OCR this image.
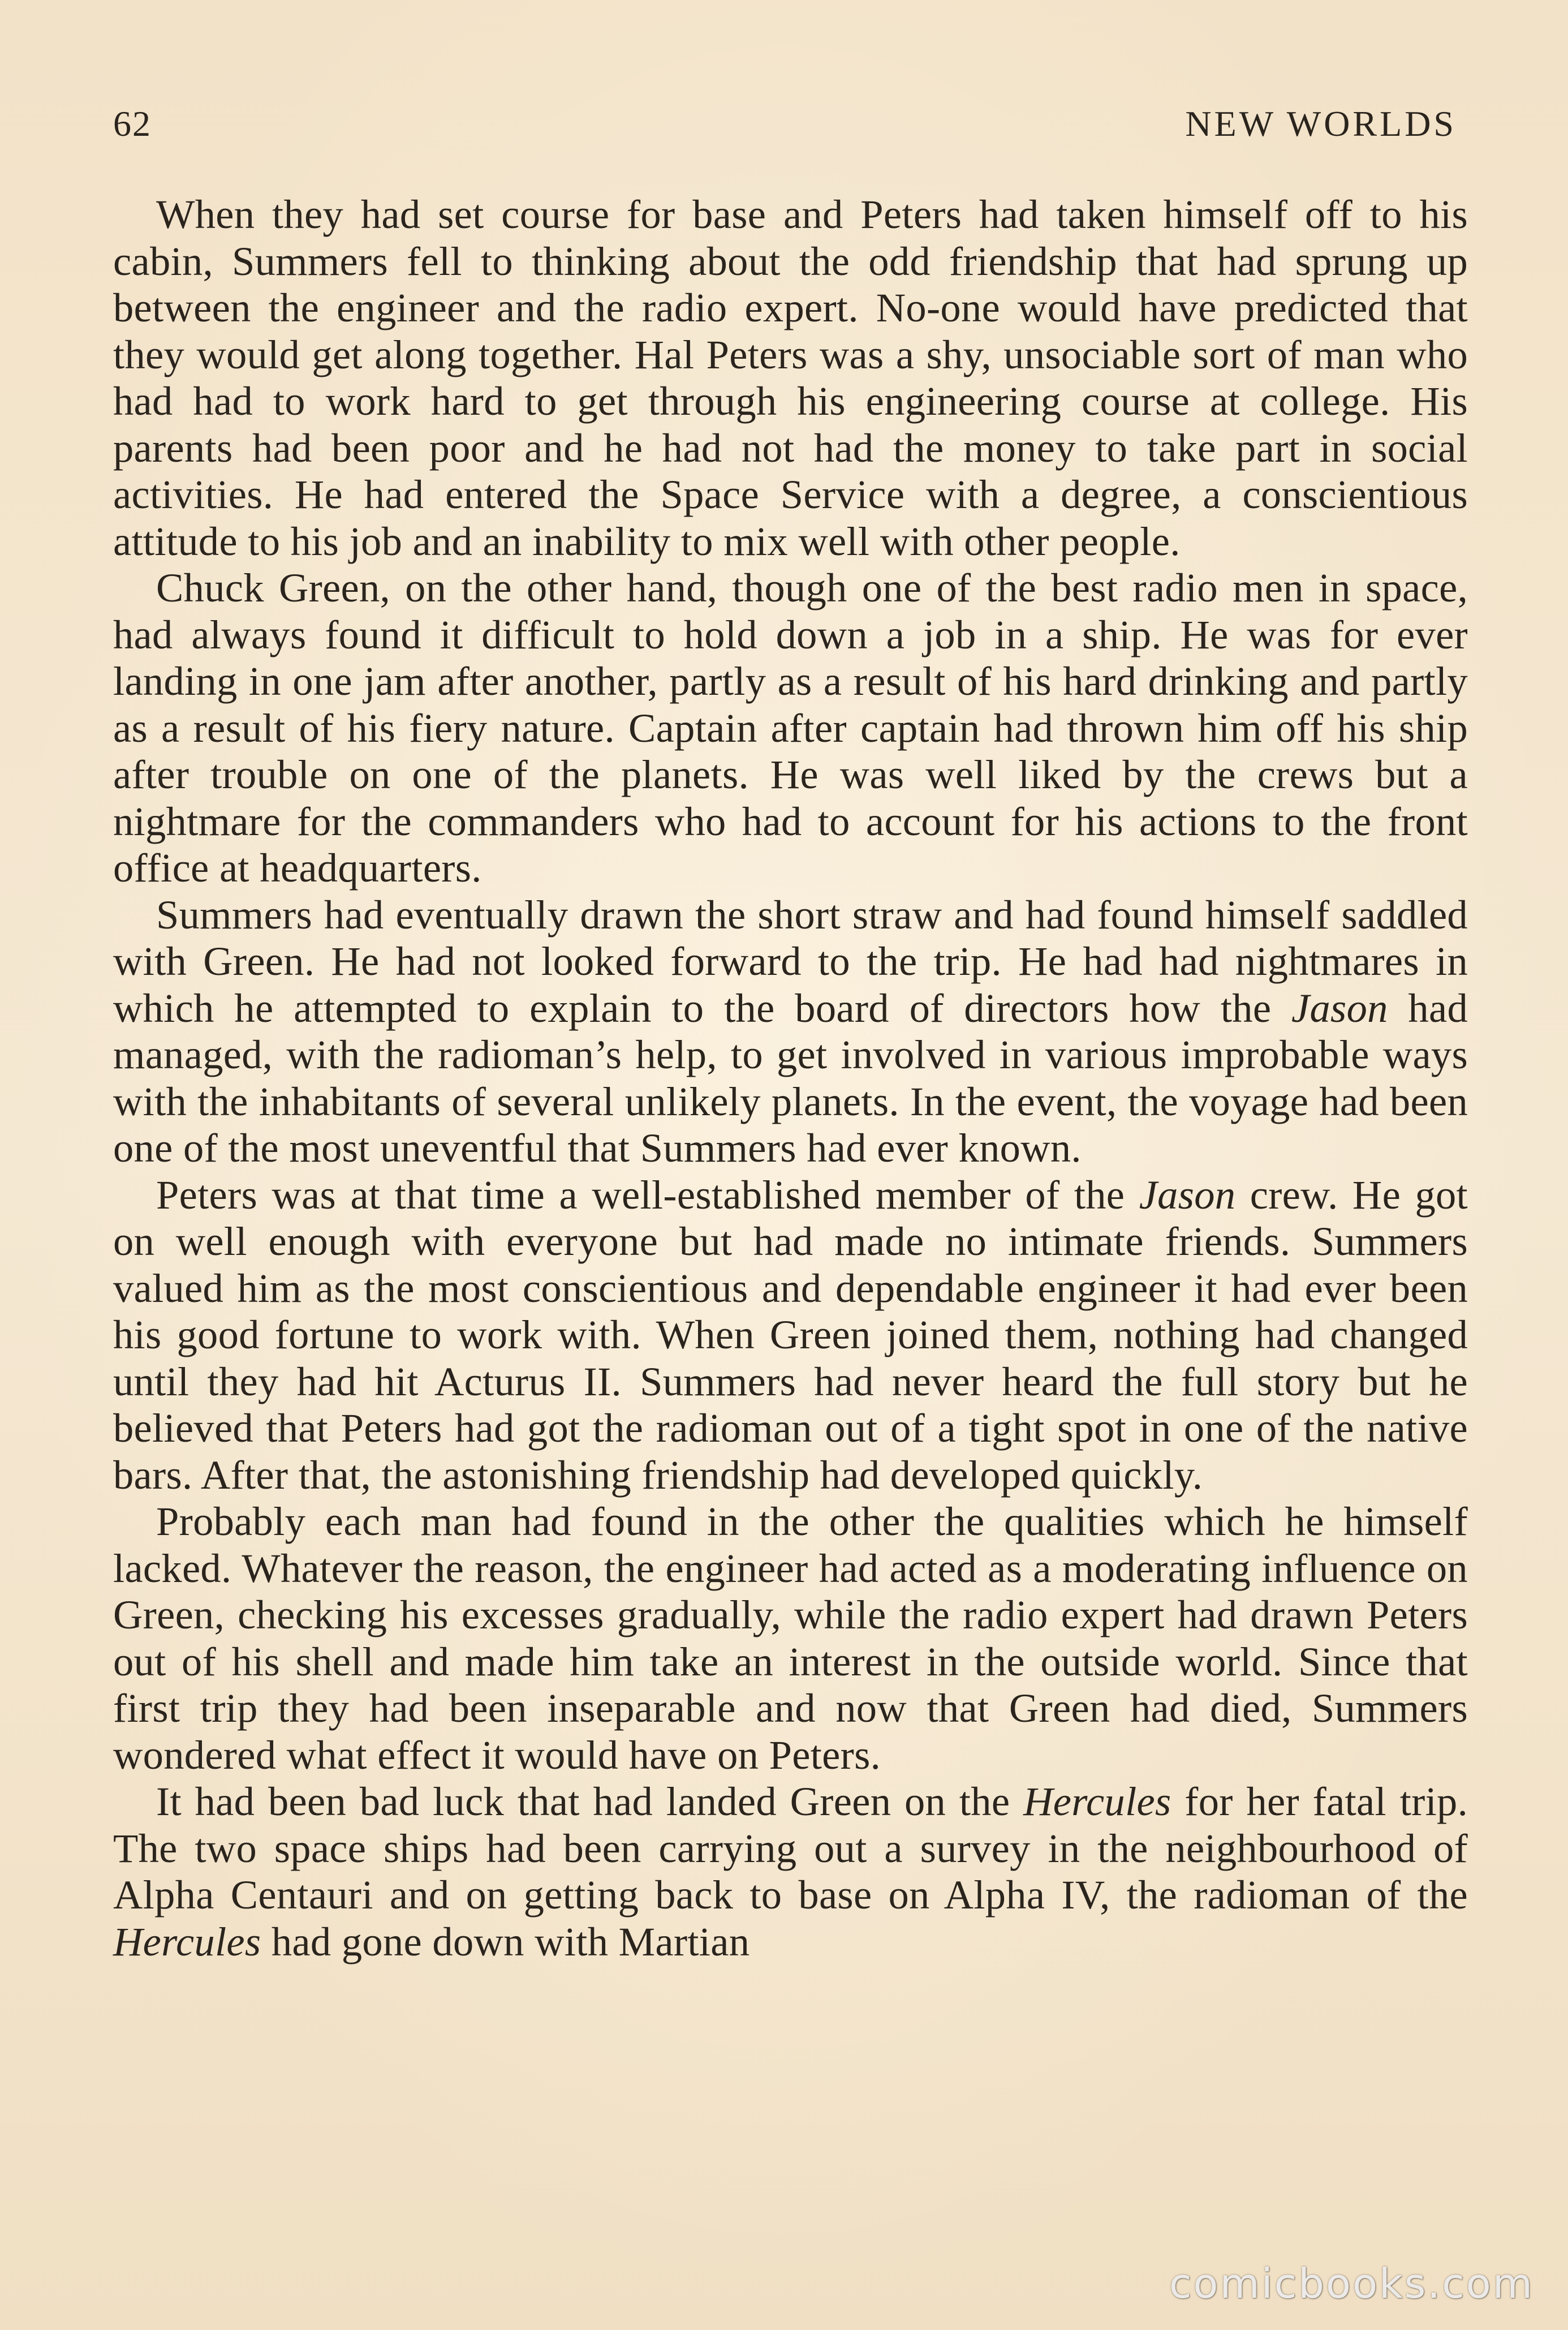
62	NEW WORLDS

When they had set course for base and Peters had taken himself off to his cabin, Summers fell to thinking about the odd friendship that had sprung up between the engineer and the radio expert. No-one would have predicted that they would get along together. Hal Peters was a shy, unsociable sort of man who had had to work hard to get through his engineering course at college. His parents had been poor and he had not had the money to take part in social activities. He had entered the Space Service with a degree, a conscientious attitude to his job and an inability to mix well with other people.

Chuck Green, on the other hand, though one of the best radio men in space, had always found it difficult to hold down a job in a ship. He was for ever landing in one jam after another, partly as a result of his hard drinking and partly as a result of his fiery nature. Captain after captain had thrown him off his ship after trouble on one of the planets. He was well liked by the crews but a nightmare for the commanders who had to account for his actions to the front office at headquarters.

Summers had eventually drawn the short straw and had found himself saddled with Green. He had not looked forward to the trip. He had had nightmares in which he attempted to explain to the board of directors how the Jason had managed, with the radioman’s help, to get involved in various improbable ways with the inhabitants of several unlikely planets. In the event, the voyage had been one of the most uneventful that Summers had ever known.

Peters was at that time a well-established member of the Jason crew. He got on well enough with everyone but had made no intimate friends. Summers valued him as the most conscientious and dependable engineer it had ever been his good fortune to work with. When Green joined them, nothing had changed until they had hit Acturus II. Summers had never heard the full story but he believed that Peters had got the radioman out of a tight spot in one of the native bars. After that, the astonishing friendship had developed quickly.

Probably each man had found in the other the qualities which he himself lacked. Whatever the reason, the engineer had acted as a moderating influence on Green, checking his excesses gradually, while the radio expert had drawn Peters out of his shell and made him take an interest in the outside world. Since that first trip they had been inseparable and now that Green had died, Summers wondered what effect it would have on Peters.

It had been bad luck that had landed Green on the Hercules for her fatal trip. The two space ships had been carrying out a survey in the neighbourhood of Alpha Centauri and on getting back to base on Alpha IV, the radioman of the Hercules had gone down with Martian

comicbooks.com
